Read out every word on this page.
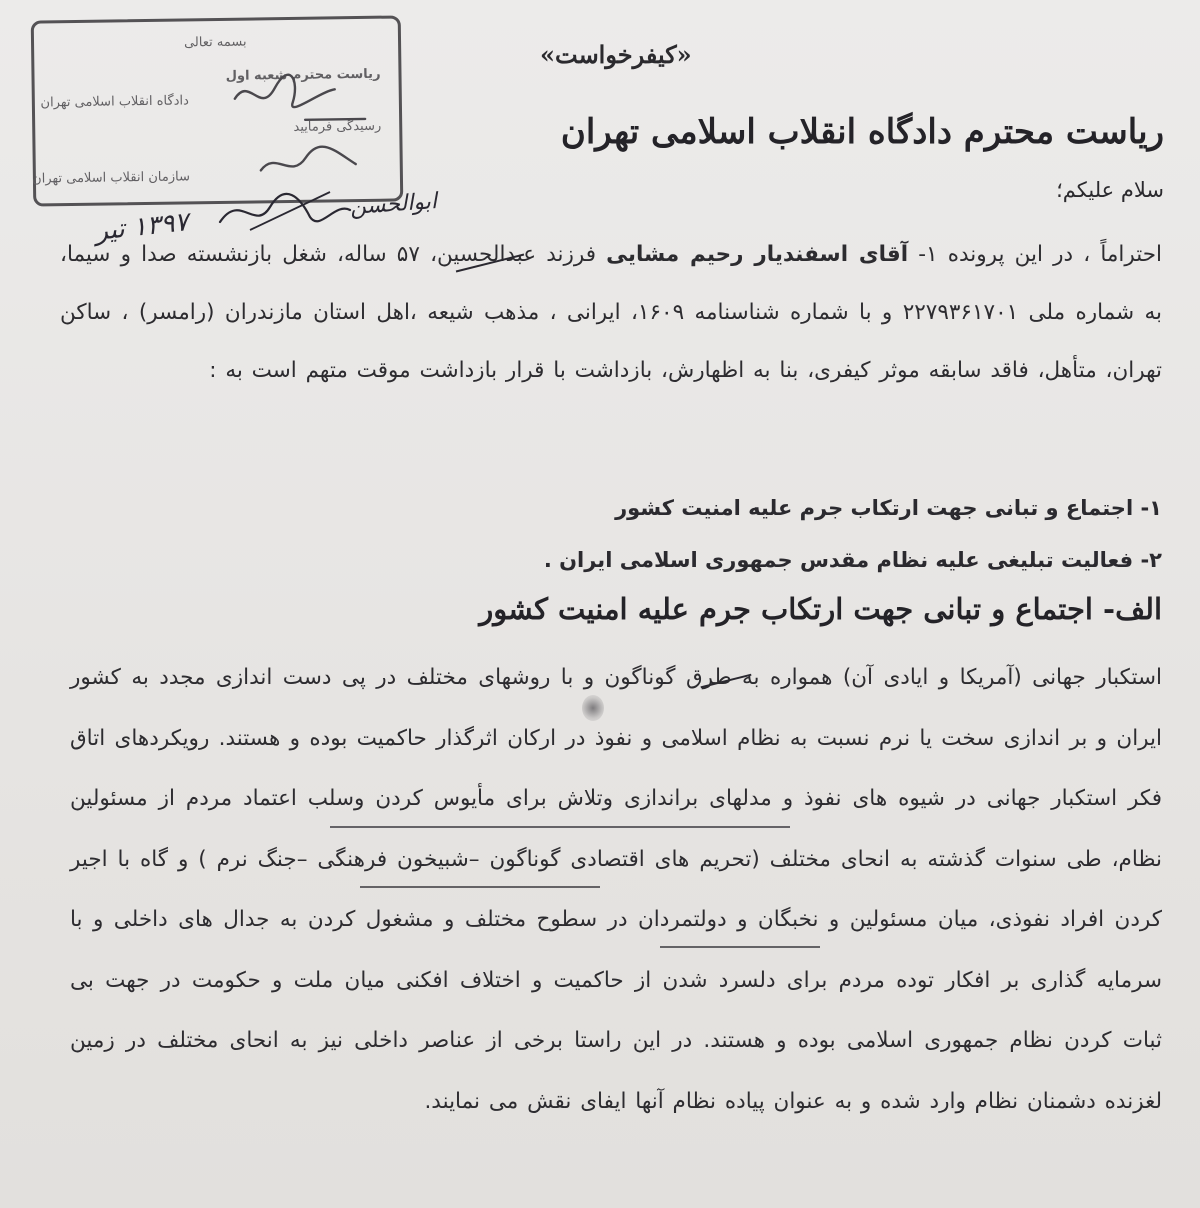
بسمه تعالی
ریاست محترم شعبه اول
دادگاه انقلاب اسلامی تهران
رسیدگی فرمایید
سازمان انقلاب اسلامی تهران
۱۳۹۷ تیر
ابوالحسن
«کیفرخواست»
ریاست محترم دادگاه انقلاب اسلامی تهران
سلام علیکم؛
احتراماً ، در این پرونده ۱- آقای اسفندیار رحیم مشایی فرزند عبدالحسین، ۵۷ ساله، شغل بازنشسته صدا و سیما، به شماره ملی ۲۲۷۹۳۶۱۷۰۱ و با شماره شناسنامه ۱۶۰۹، ایرانی ، مذهب شیعه ،اهل استان مازندران (رامسر) ، ساکن تهران، متأهل، فاقد سابقه موثر کیفری، بنا به اظهارش، بازداشت با قرار بازداشت موقت متهم است به :
۱- اجتماع و تبانی جهت ارتکاب جرم علیه امنیت کشور
۲- فعالیت تبلیغی علیه نظام مقدس جمهوری اسلامی ایران .
الف- اجتماع و تبانی جهت ارتکاب جرم علیه امنیت کشور
استکبار جهانی (آمریکا و ایادی آن) همواره به طرق گوناگون و با روشهای مختلف در پی دست اندازی مجدد به کشور ایران و بر اندازی سخت یا نرم نسبت به نظام اسلامی و نفوذ در ارکان اثرگذار حاکمیت بوده و هستند. رویکردهای اتاق فکر استکبار جهانی در شیوه های نفوذ و مدلهای براندازی وتلاش برای مأیوس کردن وسلب اعتماد مردم از مسئولین نظام، طی سنوات گذشته به انحای مختلف (تحریم های اقتصادی گوناگون –شبیخون فرهنگی –جنگ نرم ) و گاه با اجیر کردن افراد نفوذی، میان مسئولین و نخبگان و دولتمردان در سطوح مختلف و مشغول کردن به جدال های داخلی و با سرمایه گذاری بر افکار توده مردم برای دلسرد شدن از حاکمیت و اختلاف افکنی میان ملت و حکومت در جهت بی ثبات کردن نظام جمهوری اسلامی بوده و هستند. در این راستا برخی از عناصر داخلی نیز به انحای مختلف در زمین لغزنده دشمنان نظام وارد شده و به عنوان پیاده نظام آنها ایفای نقش می نمایند.
